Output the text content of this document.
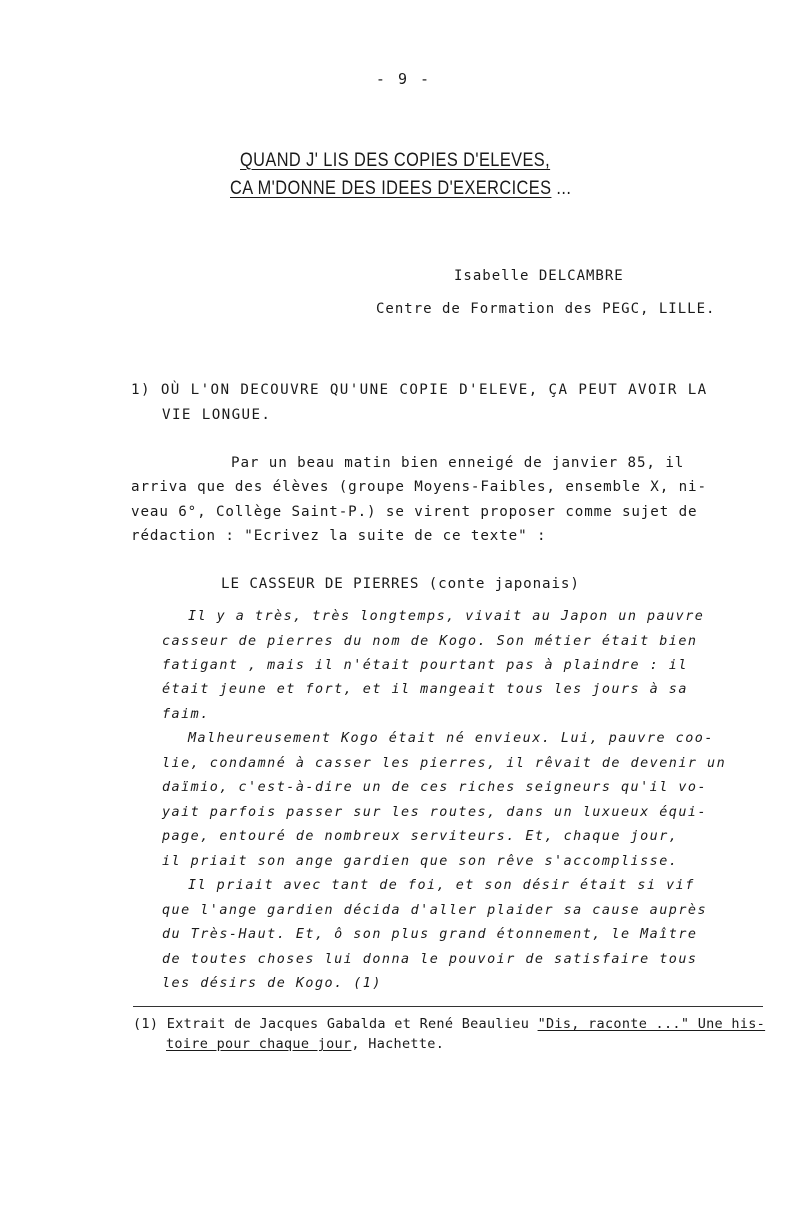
- 9 -
QUAND J' LIS DES COPIES D'ELEVES,
CA M'DONNE DES IDEES D'EXERCICES ...
Isabelle DELCAMBRE
Centre de Formation des PEGC, LILLE.
1) OÙ L'ON DECOUVRE QU'UNE COPIE D'ELEVE, ÇA PEUT AVOIR LA
VIE LONGUE.
Par un beau matin bien enneigé de janvier 85, il
arriva que des élèves (groupe Moyens-Faibles, ensemble X, ni-
veau 6°, Collège Saint-P.) se virent proposer comme sujet de
rédaction : "Ecrivez la suite de ce texte" :
LE CASSEUR DE PIERRES (conte japonais)
Il y a très, très longtemps, vivait au Japon un pauvre
casseur de pierres du nom de Kogo. Son métier était bien
fatigant , mais il n'était pourtant pas à plaindre : il
était jeune et fort, et il mangeait tous les jours à sa
faim.
Malheureusement Kogo était né envieux. Lui, pauvre coo-
lie, condamné à casser les pierres, il rêvait de devenir un
daïmio, c'est-à-dire un de ces riches seigneurs qu'il vo-
yait parfois passer sur les routes, dans un luxueux équi-
page, entouré de nombreux serviteurs. Et, chaque jour,
il priait son ange gardien que son rêve s'accomplisse.
Il priait avec tant de foi, et son désir était si vif
que l'ange gardien décida d'aller plaider sa cause auprès
du Très-Haut. Et, ô son plus grand étonnement, le Maître
de toutes choses lui donna le pouvoir de satisfaire tous
les désirs de Kogo. (1)
(1) Extrait de Jacques Gabalda et René Beaulieu "Dis, raconte ..." Une his-
toire pour chaque jour, Hachette.
